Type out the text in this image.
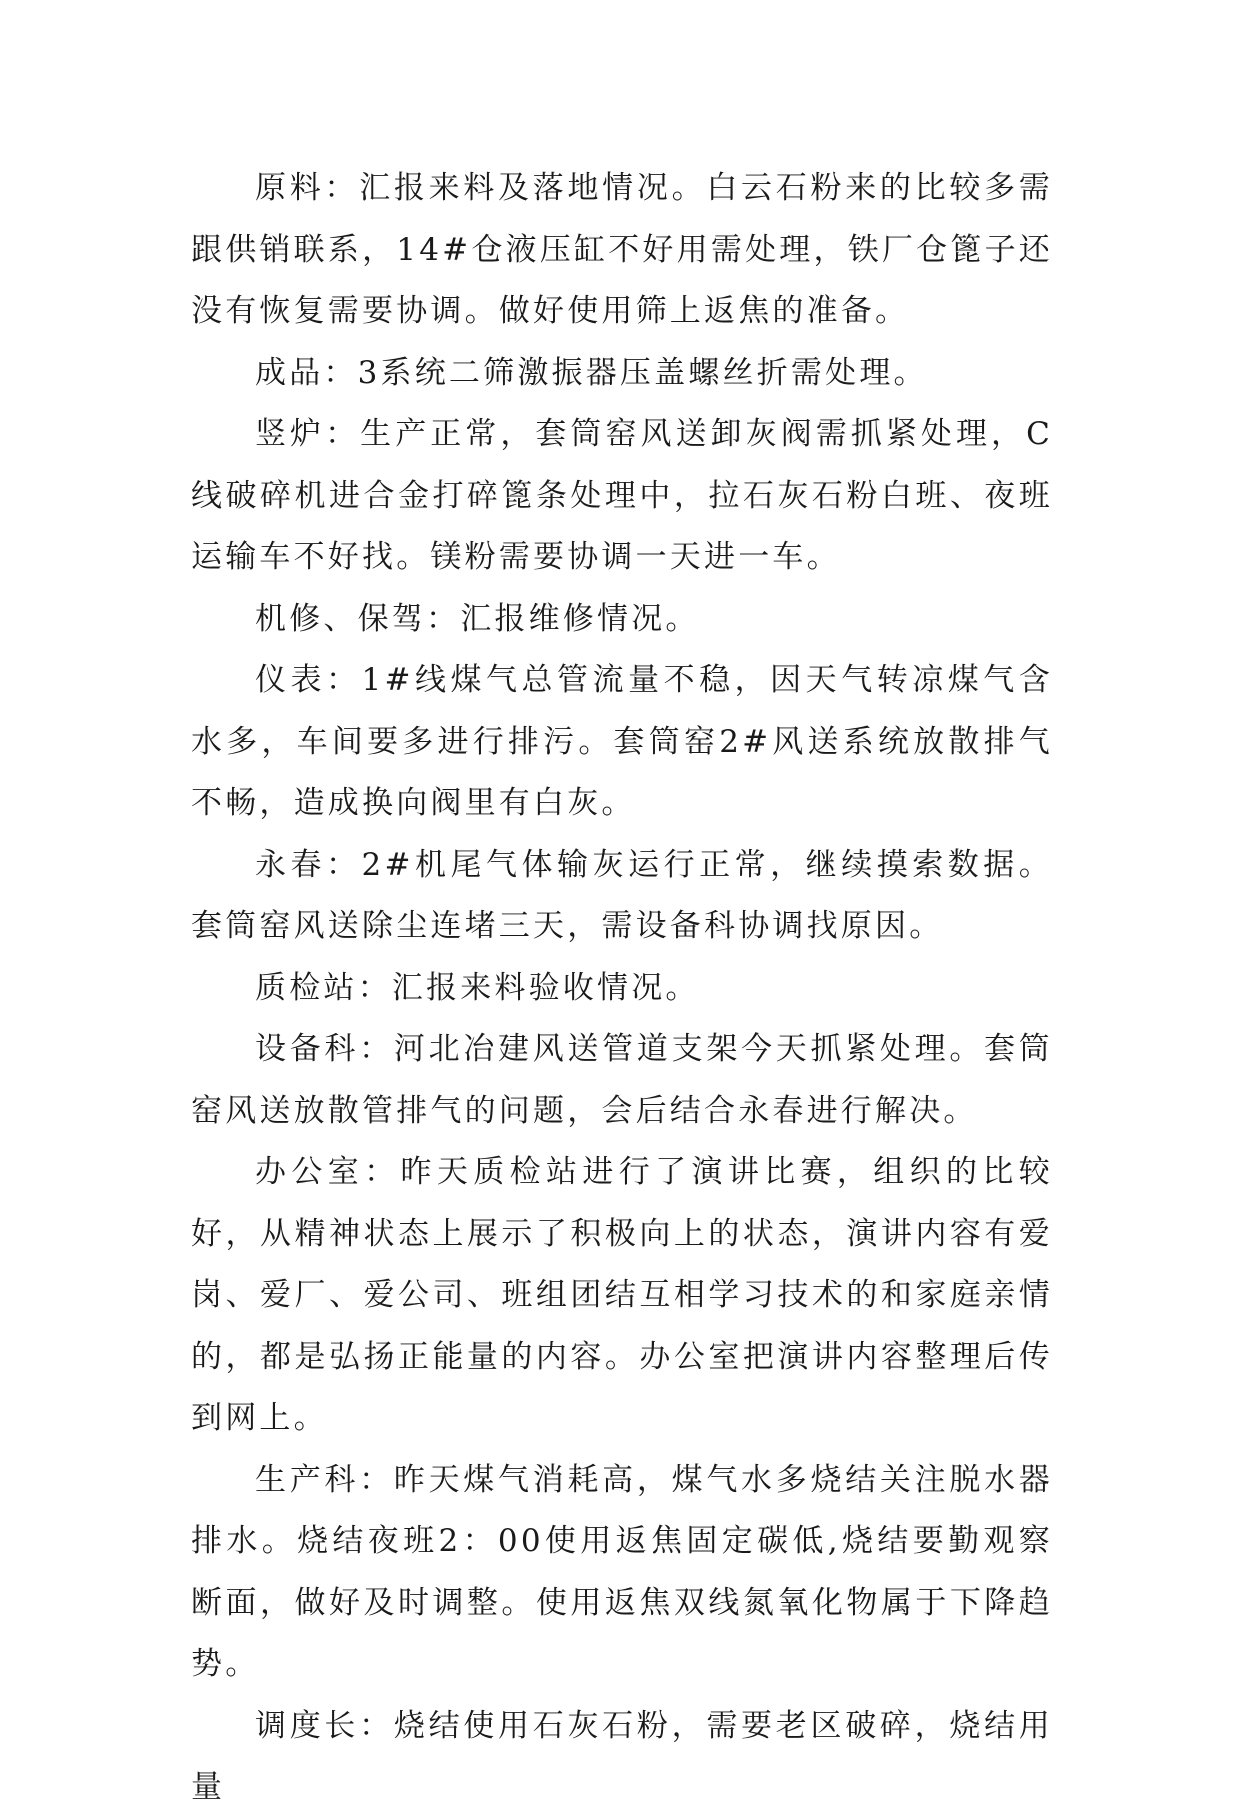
原料：汇报来料及落地情况。白云石粉来的比较多需跟供销联系，14#仓液压缸不好用需处理，铁厂仓篦子还没有恢复需要协调。做好使用筛上返焦的准备。

成品：3系统二筛激振器压盖螺丝折需处理。

竖炉：生产正常，套筒窑风送卸灰阀需抓紧处理，C线破碎机进合金打碎篦条处理中，拉石灰石粉白班、夜班运输车不好找。镁粉需要协调一天进一车。

机修、保驾：汇报维修情况。

仪表：1#线煤气总管流量不稳，因天气转凉煤气含水多，车间要多进行排污。套筒窑2#风送系统放散排气不畅，造成换向阀里有白灰。

永春：2#机尾气体输灰运行正常，继续摸索数据。套筒窑风送除尘连堵三天，需设备科协调找原因。

质检站：汇报来料验收情况。

设备科：河北冶建风送管道支架今天抓紧处理。套筒窑风送放散管排气的问题，会后结合永春进行解决。

办公室：昨天质检站进行了演讲比赛，组织的比较好，从精神状态上展示了积极向上的状态，演讲内容有爱岗、爱厂、爱公司、班组团结互相学习技术的和家庭亲情的，都是弘扬正能量的内容。办公室把演讲内容整理后传到网上。

生产科：昨天煤气消耗高，煤气水多烧结关注脱水器排水。烧结夜班2：00使用返焦固定碳低,烧结要勤观察断面，做好及时调整。使用返焦双线氮氧化物属于下降趋势。

调度长：烧结使用石灰石粉，需要老区破碎，烧结用量
